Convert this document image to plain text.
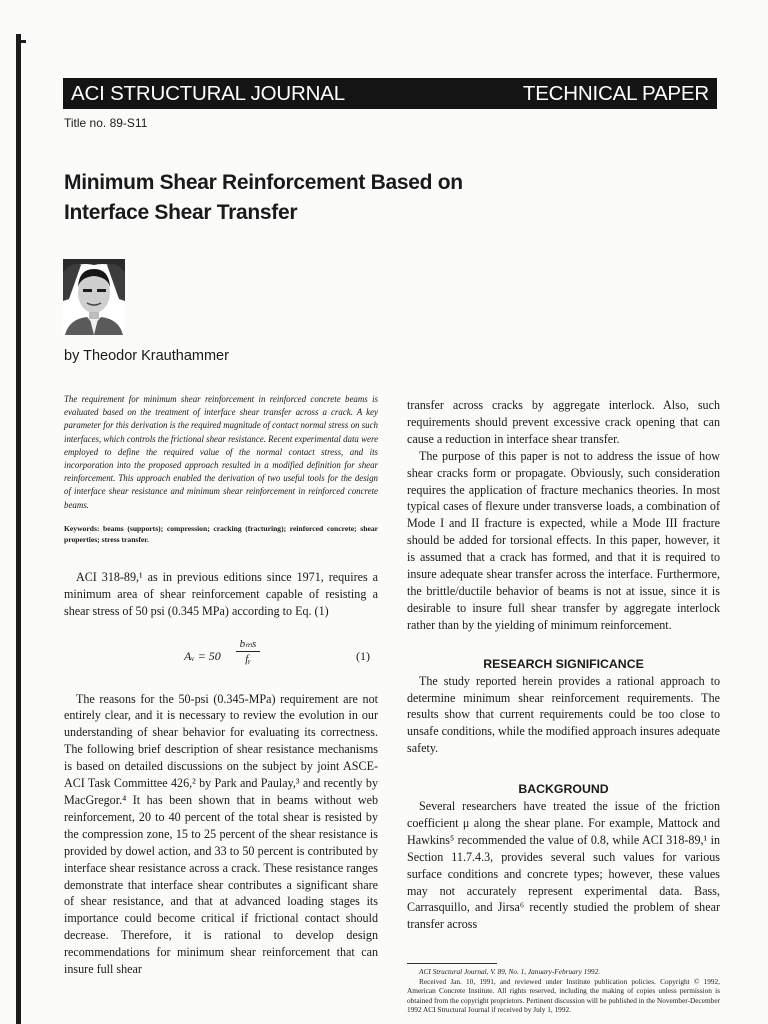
ACI STRUCTURAL JOURNAL	TECHNICAL PAPER
Title no. 89-S11
Minimum Shear Reinforcement Based on
Interface Shear Transfer
by Theodor Krauthammer

The requirement for minimum shear reinforcement in reinforced concrete beams is evaluated based on the treatment of interface shear transfer across a crack. A key parameter for this derivation is the required magnitude of contact normal stress on such interfaces, which controls the frictional shear resistance. Recent experimental data were employed to define the required value of the normal contact stress, and its incorporation into the proposed approach resulted in a modified definition for shear reinforcement. This approach enabled the derivation of two useful tools for the design of interface shear resistance and minimum shear reinforcement in reinforced concrete beams.

Keywords: beams (supports); compression; cracking (fracturing); reinforced concrete; shear properties; stress transfer.

ACI 318-89,¹ as in previous editions since 1971, requires a minimum area of shear reinforcement capable of resisting a shear stress of 50 psi (0.345 MPa) according to Eq. (1)

Aᵥ = 50
bₘs
fᵧ	(1)

The reasons for the 50-psi (0.345-MPa) requirement are not entirely clear, and it is necessary to review the evolution in our understanding of shear behavior for evaluating its correctness. The following brief description of shear resistance mechanisms is based on detailed discussions on the subject by joint ASCE-ACI Task Committee 426,² by Park and Paulay,³ and recently by MacGregor.⁴ It has been shown that in beams without web reinforcement, 20 to 40 percent of the total shear is resisted by the compression zone, 15 to 25 percent of the shear resistance is provided by dowel action, and 33 to 50 percent is contributed by interface shear resistance across a crack. These resistance ranges demonstrate that interface shear contributes a significant share of shear resistance, and that at advanced loading stages its importance could become critical if frictional contact should decrease. Therefore, it is rational to develop design recommendations for minimum shear reinforcement that can insure full shear

transfer across cracks by aggregate interlock. Also, such requirements should prevent excessive crack opening that can cause a reduction in interface shear transfer.

The purpose of this paper is not to address the issue of how shear cracks form or propagate. Obviously, such consideration requires the application of fracture mechanics theories. In most typical cases of flexure under transverse loads, a combination of Mode I and II fracture is expected, while a Mode III fracture should be added for torsional effects. In this paper, however, it is assumed that a crack has formed, and that it is required to insure adequate shear transfer across the interface. Furthermore, the brittle/ductile behavior of beams is not at issue, since it is desirable to insure full shear transfer by aggregate interlock rather than by the yielding of minimum reinforcement.

RESEARCH SIGNIFICANCE

The study reported herein provides a rational approach to determine minimum shear reinforcement requirements. The results show that current requirements could be too close to unsafe conditions, while the modified approach insures adequate safety.

BACKGROUND

Several researchers have treated the issue of the friction coefficient μ along the shear plane. For example, Mattock and Hawkins⁵ recommended the value of 0.8, while ACI 318-89,¹ in Section 11.7.4.3, provides several such values for various surface conditions and concrete types; however, these values may not accurately represent experimental data. Bass, Carrasquillo, and Jirsa⁶ recently studied the problem of shear transfer across

ACI Structural Journal, V. 89, No. 1, January-February 1992.
Received Jan. 10, 1991, and reviewed under Institute publication policies. Copyright © 1992, American Concrete Institute. All rights reserved, including the making of copies unless permission is obtained from the copyright proprietors. Pertinent discussion will be published in the November-December 1992 ACI Structural Journal if received by July 1, 1992.
